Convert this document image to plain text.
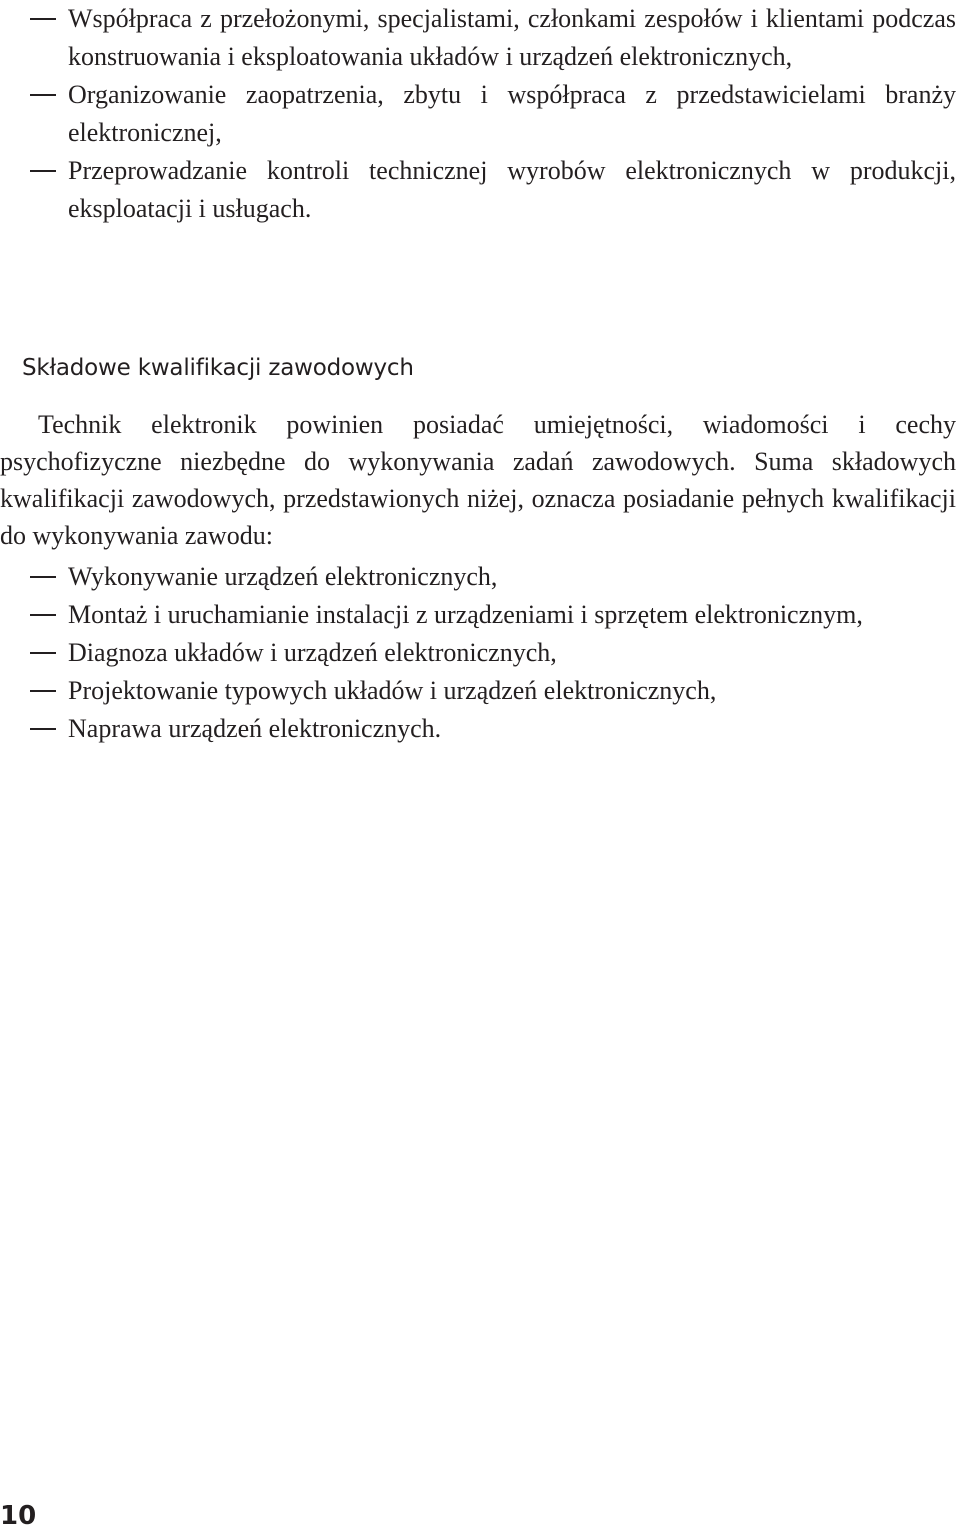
Współpraca z przełożonymi, specjalistami, członkami zespołów i klientami podczas konstruowania i eksploatowania układów i urządzeń elektronicznych,
Organizowanie zaopatrzenia, zbytu i współpraca z przedstawicielami branży elektronicznej,
Przeprowadzanie kontroli technicznej wyrobów elektronicznych w produkcji, eksploatacji i usługach.
Składowe kwalifikacji zawodowych

Technik elektronik powinien posiadać umiejętności, wiadomości i cechy psychofizyczne niezbędne do wykonywania zadań zawodowych. Suma składowych kwalifikacji zawodowych, przedstawionych niżej, oznacza posiadanie pełnych kwalifikacji do wykonywania zawodu:

Wykonywanie urządzeń elektronicznych,
Montaż i uruchamianie instalacji z urządzeniami i sprzętem elektronicznym,
Diagnoza układów i urządzeń elektronicznych,
Projektowanie typowych układów i urządzeń elektronicznych,
Naprawa urządzeń elektronicznych.
10
